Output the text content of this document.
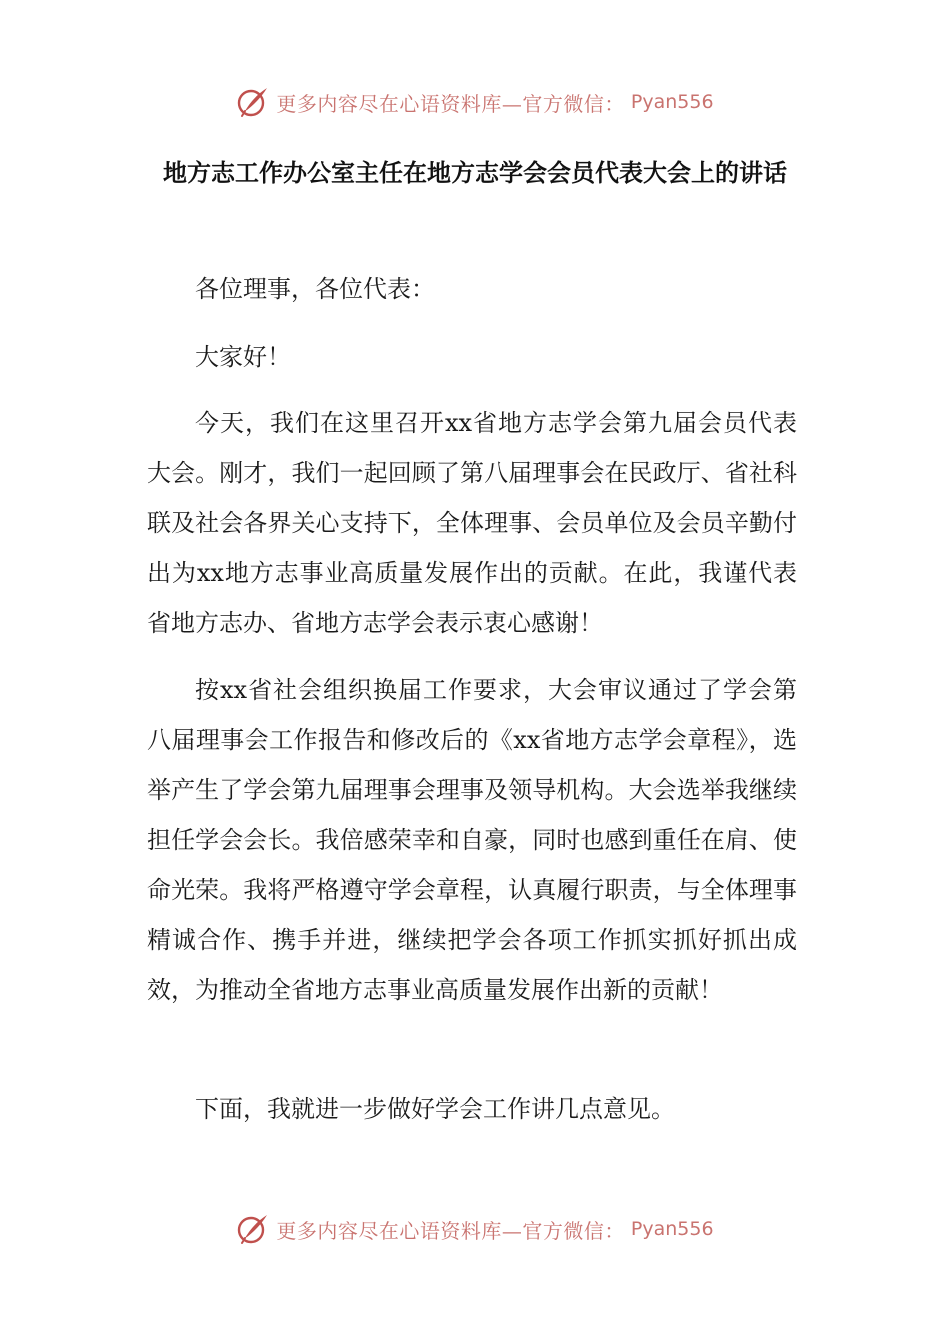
更多内容尽在心语资料库—官方微信： Pyan556
地方志工作办公室主任在地方志学会会员代表大会上的讲话

各位理事，各位代表：

大家好！

今天，我们在这里召开xx省地方志学会第九届会员代表大会。刚才，我们一起回顾了第八届理事会在民政厅、省社科联及社会各界关心支持下，全体理事、会员单位及会员辛勤付出为xx地方志事业高质量发展作出的贡献。在此，我谨代表省地方志办、省地方志学会表示衷心感谢！

按xx省社会组织换届工作要求，大会审议通过了学会第八届理事会工作报告和修改后的《xx省地方志学会章程》，选举产生了学会第九届理事会理事及领导机构。大会选举我继续担任学会会长。我倍感荣幸和自豪，同时也感到重任在肩、使命光荣。我将严格遵守学会章程，认真履行职责，与全体理事精诚合作、携手并进，继续把学会各项工作抓实抓好抓出成效，为推动全省地方志事业高质量发展作出新的贡献！

下面，我就进一步做好学会工作讲几点意见。

更多内容尽在心语资料库—官方微信： Pyan556
